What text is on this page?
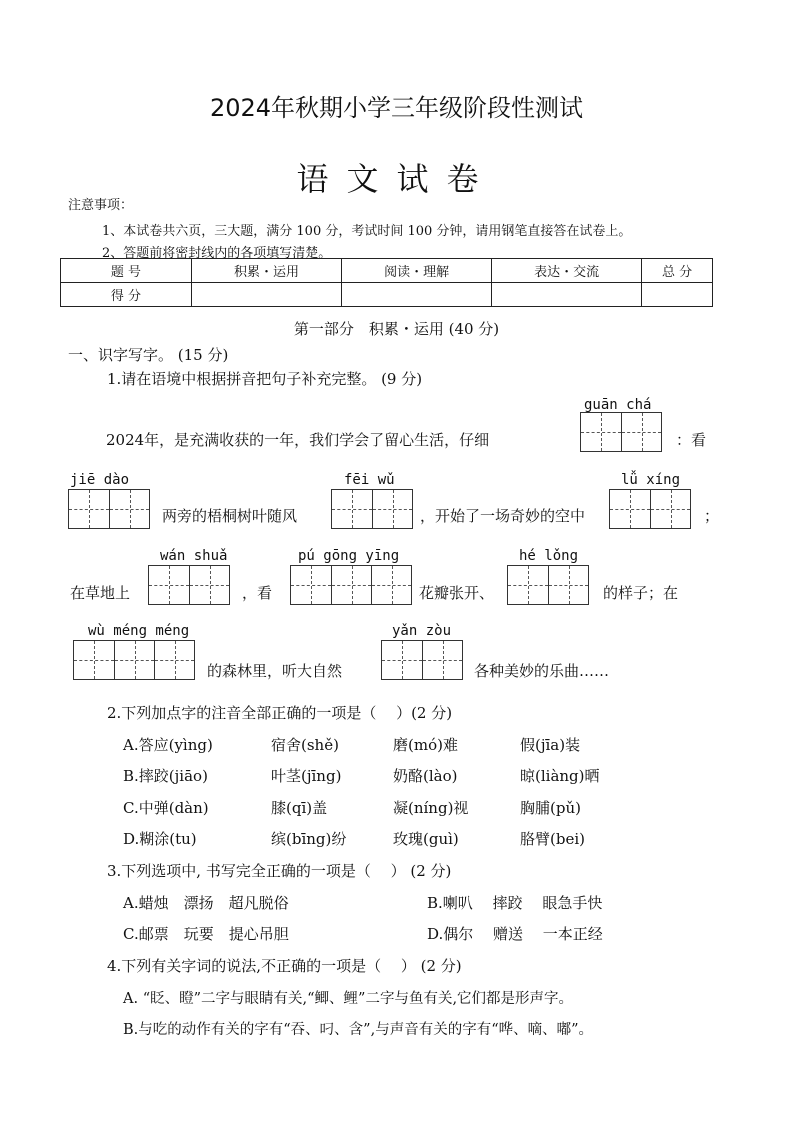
2024年秋期小学三年级阶段性测试
语文试卷
注意事项：
1、本试卷共六页，三大题，满分 100 分，考试时间 100 分钟，请用钢笔直接答在试卷上。
2、答题前将密封线内的各项填写清楚。
题 号	积累・运用	阅读・理解	表达・交流	总 分
得 分				
第一部分　积累・运用 (40 分)
一、识字写字。 (15 分)
1.请在语境中根据拼音把句子补充完整。 (9 分)
guān chá
2024年，是充满收获的一年，我们学会了留心生活，仔细	：看
jiē dào
两旁的梧桐树叶随风
fēi wǔ
，开始了一场奇妙的空中
lǚ xíng
；
wán shuǎ
在草地上	，看
pú gōng yīng
花瓣张开、
hé lǒng
的样子；在
wù méng méng
的森林里，听大自然
yǎn zòu
各种美妙的乐曲……
2.下列加点字的注音全部正确的一项是（　 ）(2 分)
A.答应(yìng)	宿舍(shě)	磨(mó)难	假(jīa)装
B.摔跤(jiāo)	叶茎(jīng)	奶酪(lào)	晾(liàng)晒
C.中弹(dàn)	膝(qī)盖	凝(níng)视	胸脯(pǔ)
D.糊涂(tu)	缤(bīng)纷	玫瑰(guì)	胳臂(bei)
3.下列选项中, 书写完全正确的一项是（　 ） (2 分)
A.蜡烛　漂扬　超凡脱俗	B.喇叭　 摔跤　 眼急手快
C.邮票　玩要　提心吊胆	D.偶尔　 赠送　 一本正经
4.下列有关字词的说法,不正确的一项是（　 ） (2 分)
A. “眨、瞪”二字与眼睛有关,“鲫、鲤”二字与鱼有关,它们都是形声字。
B.与吃的动作有关的字有“吞、叼、含”,与声音有关的字有“哗、嘀、嘟”。
